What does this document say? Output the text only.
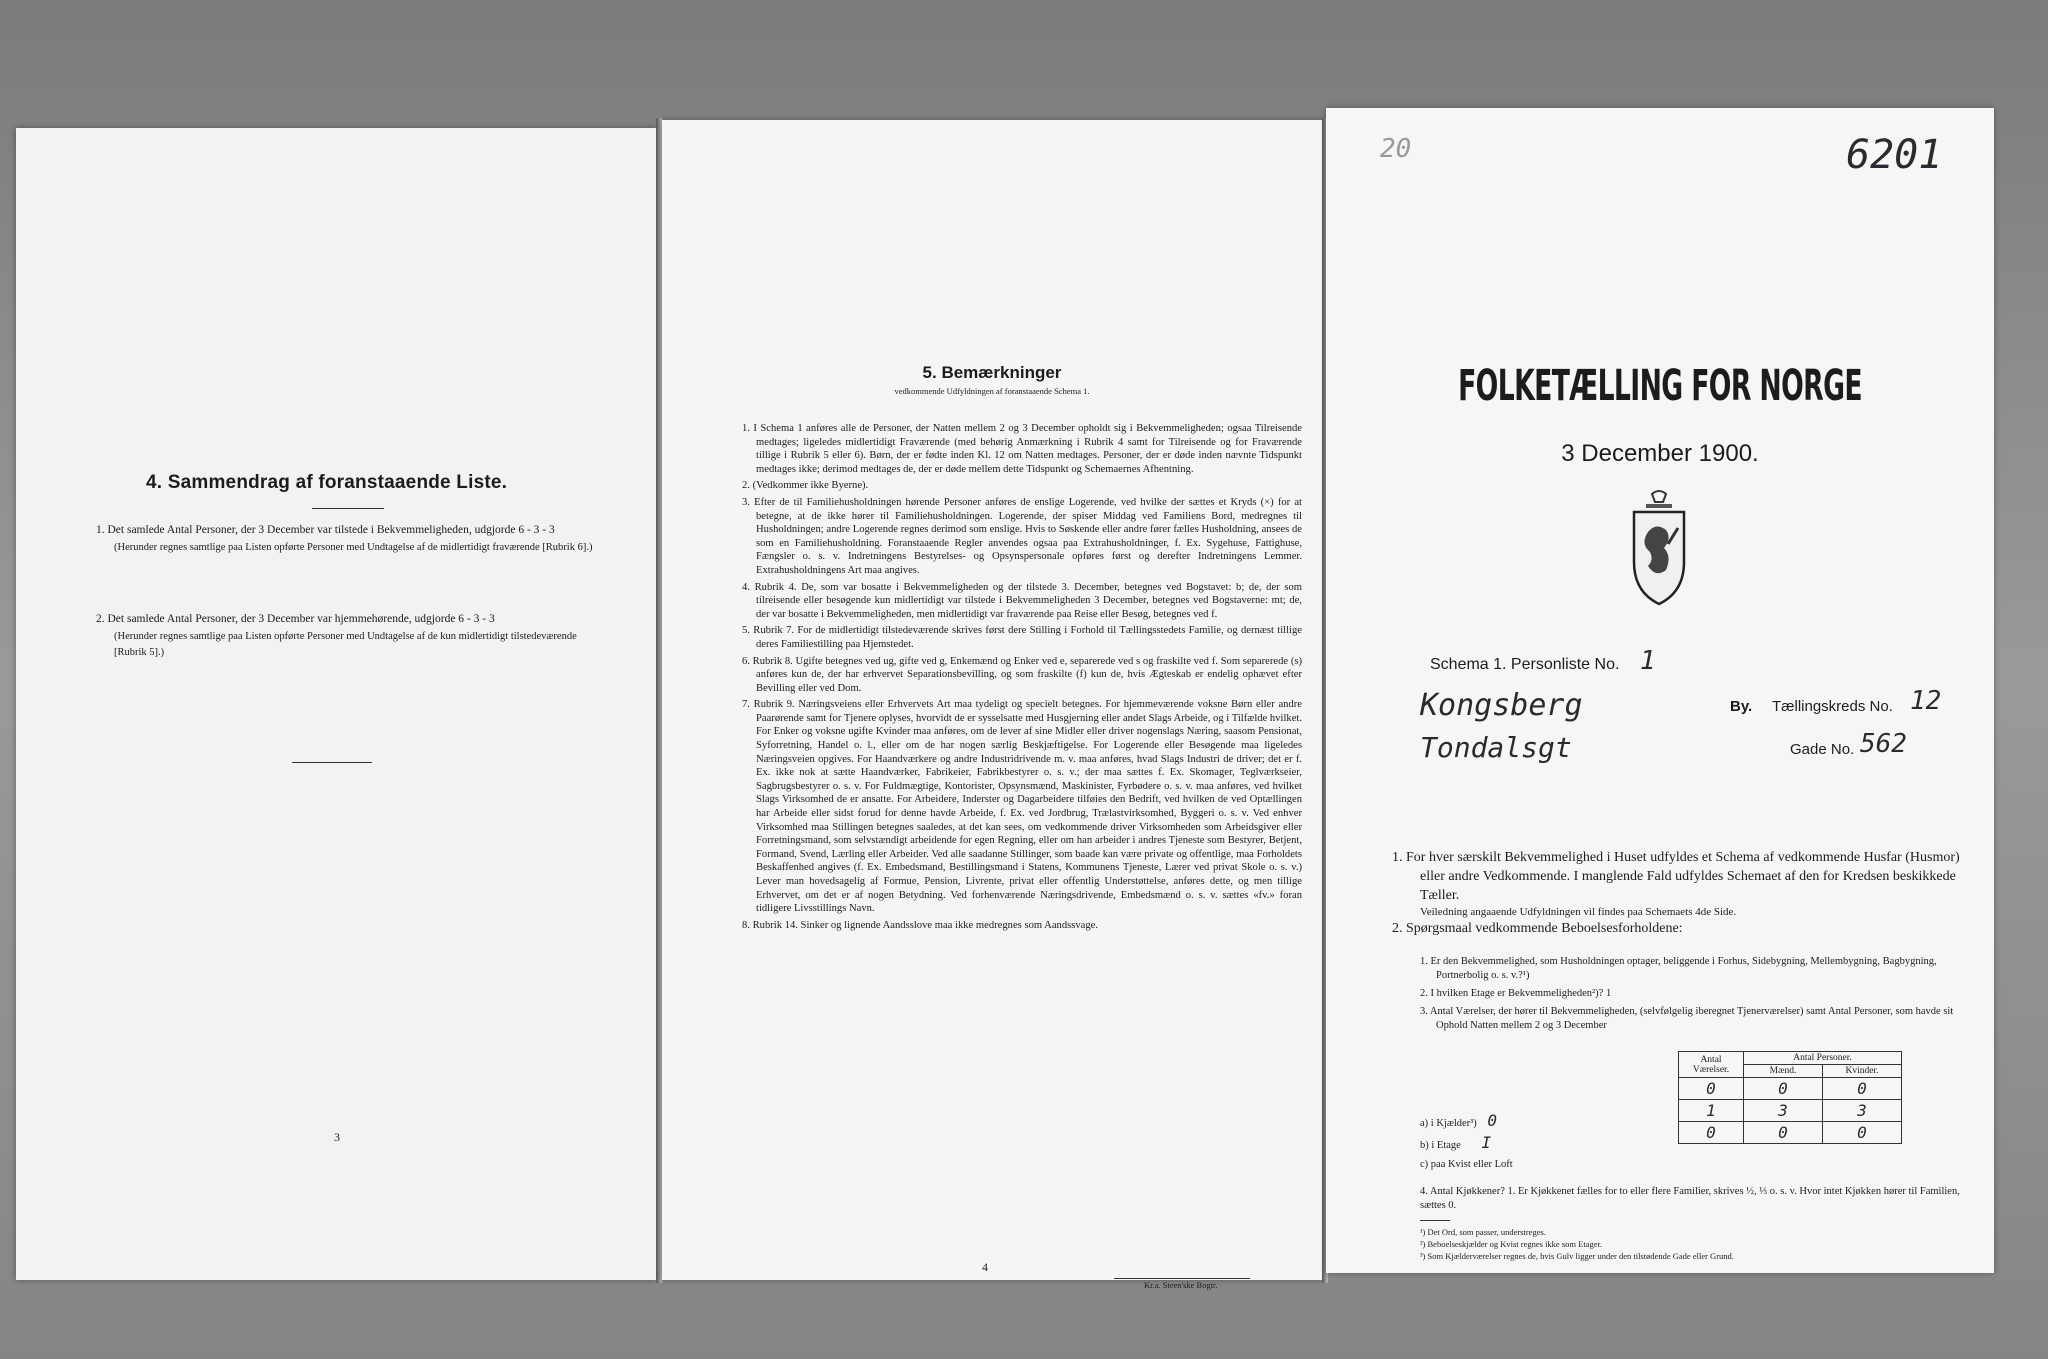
4. Sammendrag af foranstaaende Liste.

1. Det samlede Antal Personer, der 3 December var tilstede i Bekvemmeligheden, udgjorde 6 - 3 - 3

(Herunder regnes samtlige paa Listen opførte Personer med Undtagelse af de midlertidigt fraværende [Rubrik 6].)

2. Det samlede Antal Personer, der 3 December var hjemmehørende, udgjorde 6 - 3 - 3

(Herunder regnes samtlige paa Listen opførte Personer med Undtagelse af de kun midlertidigt tilstedeværende [Rubrik 5].)

3
5. Bemærkninger
vedkommende Udfyldningen af foranstaaende Schema 1.

1. I Schema 1 anføres alle de Personer, der Natten mellem 2 og 3 December opholdt sig i Bekvemmeligheden; ogsaa Tilreisende medtages; ligeledes midlertidigt Fraværende (med behørig Anmærkning i Rubrik 4 samt for Tilreisende og for Fraværende tillige i Rubrik 5 eller 6). Børn, der er fødte inden Kl. 12 om Natten medtages. Personer, der er døde inden nævnte Tidspunkt medtages ikke; derimod medtages de, der er døde mellem dette Tidspunkt og Schemaernes Afhentning.

2. (Vedkommer ikke Byerne).

3. Efter de til Familiehusholdningen hørende Personer anføres de enslige Logerende, ved hvilke der sættes et Kryds (×) for at betegne, at de ikke hører til Familiehusholdningen. Logerende, der spiser Middag ved Familiens Bord, medregnes til Husholdningen; andre Logerende regnes derimod som enslige. Hvis to Søskende eller andre fører fælles Husholdning, ansees de som en Familiehusholdning. Foranstaaende Regler anvendes ogsaa paa Extrahusholdninger, f. Ex. Sygehuse, Fattighuse, Fængsler o. s. v. Indretningens Bestyrelses- og Opsynspersonale opføres først og derefter Indretningens Lemmer. Extrahusholdningens Art maa angives.

4. Rubrik 4. De, som var bosatte i Bekvemmeligheden og der tilstede 3. December, betegnes ved Bogstavet: b; de, der som tilreisende eller besøgende kun midlertidigt var tilstede i Bekvemmeligheden 3 December, betegnes ved Bogstaverne: mt; de, der var bosatte i Bekvemmeligheden, men midlertidigt var fraværende paa Reise eller Besøg, betegnes ved f.

5. Rubrik 7. For de midlertidigt tilstedeværende skrives først dere Stilling i Forhold til Tællingsstedets Familie, og dernæst tillige deres Familiestilling paa Hjemstedet.

6. Rubrik 8. Ugifte betegnes ved ug, gifte ved g, Enkemænd og Enker ved e, separerede ved s og fraskilte ved f. Som separerede (s) anføres kun de, der har erhvervet Separationsbevilling, og som fraskilte (f) kun de, hvis Ægteskab er endelig ophævet efter Bevilling eller ved Dom.

7. Rubrik 9. Næringsveiens eller Erhvervets Art maa tydeligt og specielt betegnes. For hjemmeværende voksne Børn eller andre Paarørende samt for Tjenere oplyses, hvorvidt de er sysselsatte med Husgjerning eller andet Slags Arbeide, og i Tilfælde hvilket. For Enker og voksne ugifte Kvinder maa anføres, om de lever af sine Midler eller driver nogenslags Næring, saasom Pensionat, Syforretning, Handel o. l., eller om de har nogen særlig Beskjæftigelse. For Logerende eller Besøgende maa ligeledes Næringsveien opgives. For Haandværkere og andre Industridrivende m. v. maa anføres, hvad Slags Industri de driver; det er f. Ex. ikke nok at sætte Haandværker, Fabrikeier, Fabrikbestyrer o. s. v.; der maa sættes f. Ex. Skomager, Teglværkseier, Sagbrugsbestyrer o. s. v. For Fuldmægtige, Kontorister, Opsynsmænd, Maskinister, Fyrbødere o. s. v. maa anføres, ved hvilket Slags Virksomhed de er ansatte. For Arbeidere, Inderster og Dagarbeidere tilføies den Bedrift, ved hvilken de ved Optællingen har Arbeide eller sidst forud for denne havde Arbeide, f. Ex. ved Jordbrug, Trælastvirksomhed, Byggeri o. s. v. Ved enhver Virksomhed maa Stillingen betegnes saaledes, at det kan sees, om vedkommende driver Virksomheden som Arbeidsgiver eller Forretningsmand, som selvstændigt arbeidende for egen Regning, eller om han arbeider i andres Tjeneste som Bestyrer, Betjent, Formand, Svend, Lærling eller Arbeider. Ved alle saadanne Stillinger, som baade kan være private og offentlige, maa Forholdets Beskaffenhed angives (f. Ex. Embedsmand, Bestillingsmand i Statens, Kommunens Tjeneste, Lærer ved privat Skole o. s. v.) Lever man hovedsagelig af Formue, Pension, Livrente, privat eller offentlig Understøttelse, anføres dette, og men tillige Erhvervet, om det er af nogen Betydning. Ved forhenværende Næringsdrivende, Embedsmænd o. s. v. sættes «fv.» foran tidligere Livsstillings Navn.

8. Rubrik 14. Sinker og lignende Aandsslove maa ikke medregnes som Aandssvage.

4
Kr.a. Steen'ske Bogtr.
20	6201
FOLKETÆLLING FOR NORGE
3 December 1900.
Schema 1. Personliste No. 1
Kongsberg	By. Tællingskreds No. 12
Tondalsgt	Gade No. 562

1. For hver særskilt Bekvemmelighed i Huset udfyldes et Schema af vedkommende Husfar (Husmor) eller andre Vedkommende. I manglende Fald udfyldes Schemaet af den for Kredsen beskikkede Tæller.

Veiledning angaaende Udfyldningen vil findes paa Schemaets 4de Side.

2. Spørgsmaal vedkommende Beboelsesforholdene:

1. Er den Bekvemmelighed, som Husholdningen optager, beliggende i Forhus, Sidebygning, Mellembygning, Bagbygning, Portnerbolig o. s. v.?¹)

2. I hvilken Etage er Bekvemmeligheden²)? 1

3. Antal Værelser, der hører til Bekvemmeligheden, (selvfølgelig iberegnet Tjenerværelser) samt Antal Personer, som havde sit Ophold Natten mellem 2 og 3 December

Antal Værelser.	Antal Personer.	
	Mænd.	Kvinder.
0	0	0
1	3	3
0	0	0
a) i Kjælder³) 0
b) i Etage I
c) paa Kvist eller Loft
4. Antal Kjøkkener? 1. Er Kjøkkenet fælles for to eller flere Familier, skrives ½, ⅓ o. s. v. Hvor intet Kjøkken hører til Familien, sættes 0.
¹) Det Ord, som passer, understreges.
²) Beboelseskjælder og Kvist regnes ikke som Etager.
³) Som Kjælderværelser regnes de, hvis Gulv ligger under den tilstødende Gade eller Grund.
